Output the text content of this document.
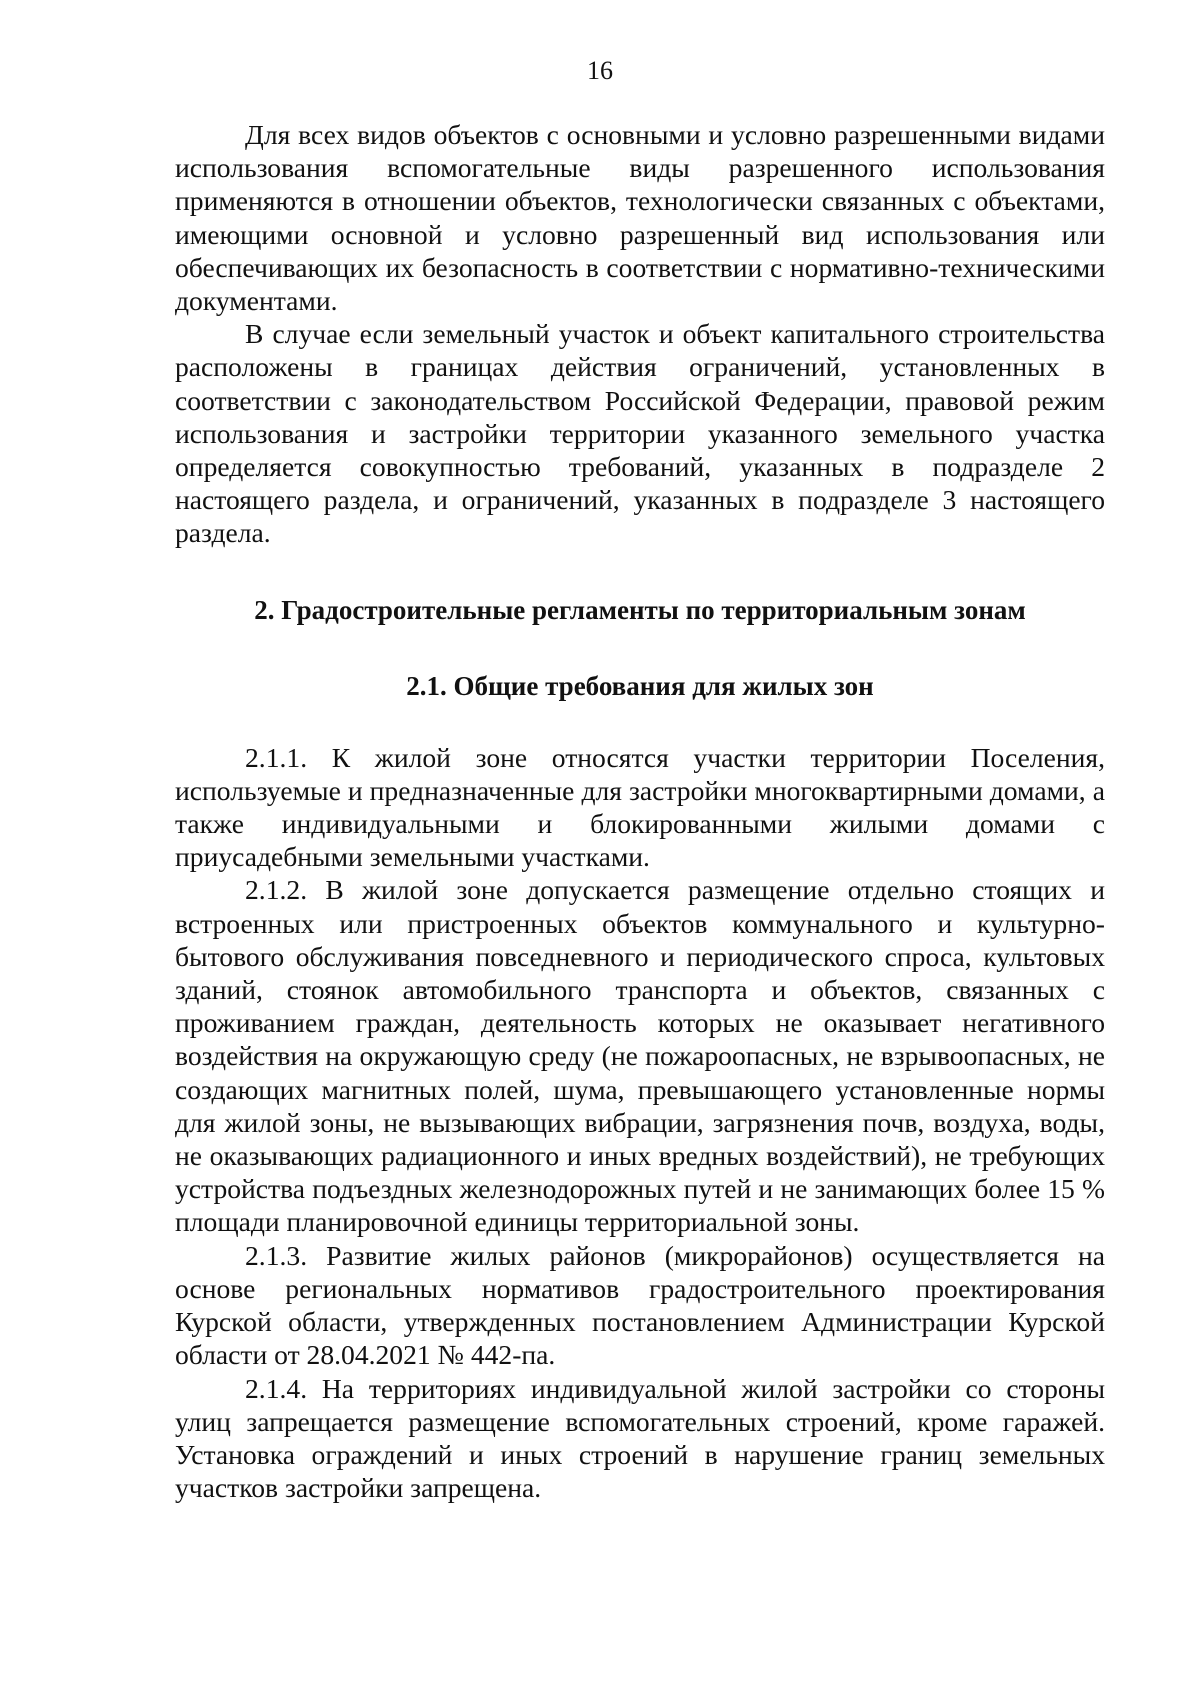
16

Для всех видов объектов с основными и условно разрешенными видами использования вспомогательные виды разрешенного использования применяются в отношении объектов, технологически связанных с объектами, имеющими основной и условно разрешенный вид использования или обеспечивающих их безопасность в соответствии с нормативно-техническими документами.

В случае если земельный участок и объект капитального строительства расположены в границах действия ограничений, установленных в соответствии с законодательством Российской Федерации, правовой режим использования и застройки территории указанного земельного участка определяется совокупностью требований, указанных в подразделе 2 настоящего раздела, и ограничений, указанных в подразделе 3 настоящего раздела.

2. Градостроительные регламенты по территориальным зонам
2.1. Общие требования для жилых зон

2.1.1. К жилой зоне относятся участки территории Поселения, используемые и предназначенные для застройки многоквартирными домами, а также индивидуальными и блокированными жилыми домами с приусадебными земельными участками.

2.1.2. В жилой зоне допускается размещение отдельно стоящих и встроенных или пристроенных объектов коммунального и культурно-бытового обслуживания повседневного и периодического спроса, культовых зданий, стоянок автомобильного транспорта и объектов, связанных с проживанием граждан, деятельность которых не оказывает негативного воздействия на окружающую среду (не пожароопасных, не взрывоопасных, не создающих магнитных полей, шума, превышающего установленные нормы для жилой зоны, не вызывающих вибрации, загрязнения почв, воздуха, воды, не оказывающих радиационного и иных вредных воздействий), не требующих устройства подъездных железнодорожных путей и не занимающих более 15 % площади планировочной единицы территориальной зоны.

2.1.3. Развитие жилых районов (микрорайонов) осуществляется на основе региональных нормативов градостроительного проектирования Курской области, утвержденных постановлением Администрации Курской области от 28.04.2021 № 442-па.

2.1.4. На территориях индивидуальной жилой застройки со стороны улиц запрещается размещение вспомогательных строений, кроме гаражей. Установка ограждений и иных строений в нарушение границ земельных участков застройки запрещена.
